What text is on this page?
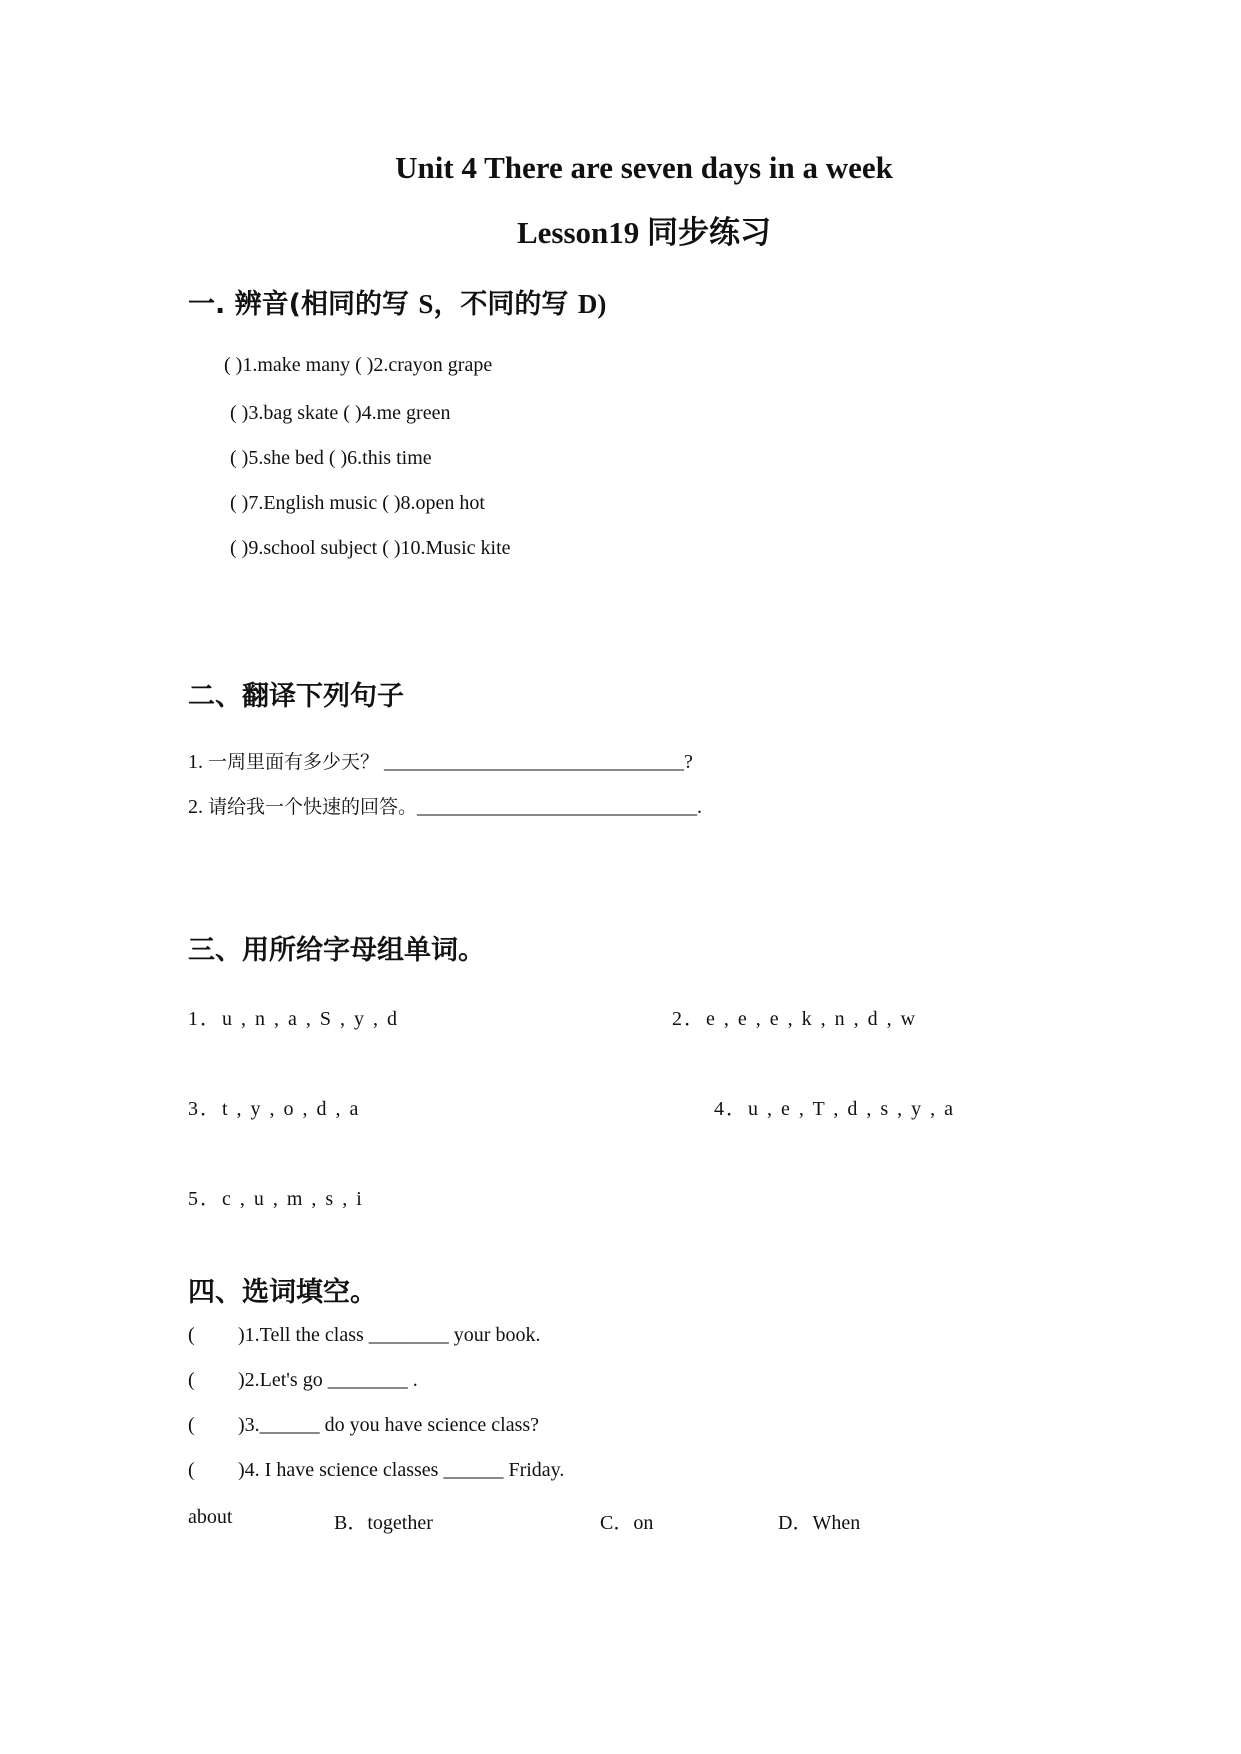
Unit 4 There are seven days in a week
Lesson19 同步练习
一. 辨音(相同的写 S，不同的写 D)
( )1.make many ( )2.crayon grape
( )3.bag skate ( )4.me green
( )5.she bed ( )6.this time
( )7.English music ( )8.open hot
( )9.school subject ( )10.Music kite
二、翻译下列句子
1. 一周里面有多少天？ ______________________________?
2. 请给我一个快速的回答。____________________________.
三、用所给字母组单词。
1．u , n , a , S , y , d	2．e , e , e , k , n , d , w
3．t , y , o , d , a	4．u , e , T , d , s , y , a
5．c , u , m , s , i
四、选词填空。
( )1.Tell the class ________ your book.
( )2.Let's go ________ .
( )3.______ do you have science class?
( )4. I have science classes ______ Friday.
about	B．together	C．on	D．When
